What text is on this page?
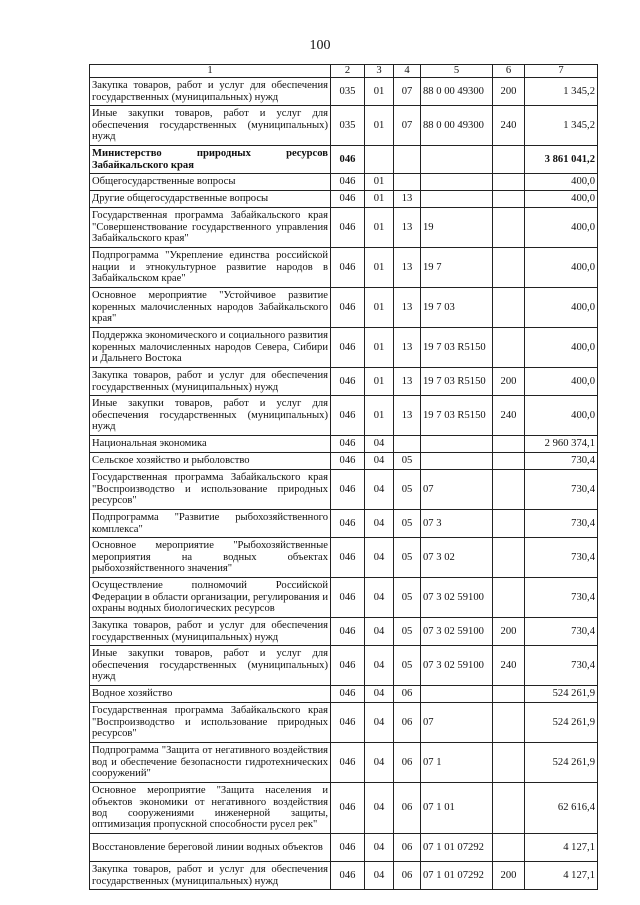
100
1	2	3	4	5	6	7
Закупка товаров, работ и услуг для обеспечения государственных (муниципальных) нужд	035	01	07	88 0 00 49300	200	1 345,2
Иные закупки товаров, работ и услуг для обеспечения государственных (муниципальных) нужд	035	01	07	88 0 00 49300	240	1 345,2
Министерство природных ресурсов Забайкальского края	046					3 861 041,2
Общегосударственные вопросы	046	01				400,0
Другие общегосударственные вопросы	046	01	13			400,0
Государственная программа Забайкальского края "Совершенствование государственного управления Забайкальского края"	046	01	13	19		400,0
Подпрограмма "Укрепление единства российской нации и этнокультурное развитие народов в Забайкальском крае"	046	01	13	19 7		400,0
Основное мероприятие "Устойчивое развитие коренных малочисленных народов Забайкальского края"	046	01	13	19 7 03		400,0
Поддержка экономического и социального развития коренных малочисленных народов Севера, Сибири и Дальнего Востока	046	01	13	19 7 03 R5150		400,0
Закупка товаров, работ и услуг для обеспечения государственных (муниципальных) нужд	046	01	13	19 7 03 R5150	200	400,0
Иные закупки товаров, работ и услуг для обеспечения государственных (муниципальных) нужд	046	01	13	19 7 03 R5150	240	400,0
Национальная экономика	046	04				2 960 374,1
Сельское хозяйство и рыболовство	046	04	05			730,4
Государственная программа Забайкальского края "Воспроизводство и использование природных ресурсов"	046	04	05	07		730,4
Подпрограмма "Развитие рыбохозяйственного комплекса"	046	04	05	07 3		730,4
Основное мероприятие "Рыбохозяйственные мероприятия на водных объектах рыбохозяйственного значения"	046	04	05	07 3 02		730,4
Осуществление полномочий Российской Федерации в области организации, регулирования и охраны водных биологических ресурсов	046	04	05	07 3 02 59100		730,4
Закупка товаров, работ и услуг для обеспечения государственных (муниципальных) нужд	046	04	05	07 3 02 59100	200	730,4
Иные закупки товаров, работ и услуг для обеспечения государственных (муниципальных) нужд	046	04	05	07 3 02 59100	240	730,4
Водное хозяйство	046	04	06			524 261,9
Государственная программа Забайкальского края "Воспроизводство и использование природных ресурсов"	046	04	06	07		524 261,9
Подпрограмма "Защита от негативного воздействия вод и обеспечение безопасности гидротехнических сооружений"	046	04	06	07 1		524 261,9
Основное мероприятие "Защита населения и объектов экономики от негативного воздействия вод сооружениями инженерной защиты, оптимизация пропускной способности русел рек"	046	04	06	07 1 01		62 616,4
Восстановление береговой линии водных объектов	046	04	06	07 1 01 07292		4 127,1
Закупка товаров, работ и услуг для обеспечения государственных (муниципальных) нужд	046	04	06	07 1 01 07292	200	4 127,1
